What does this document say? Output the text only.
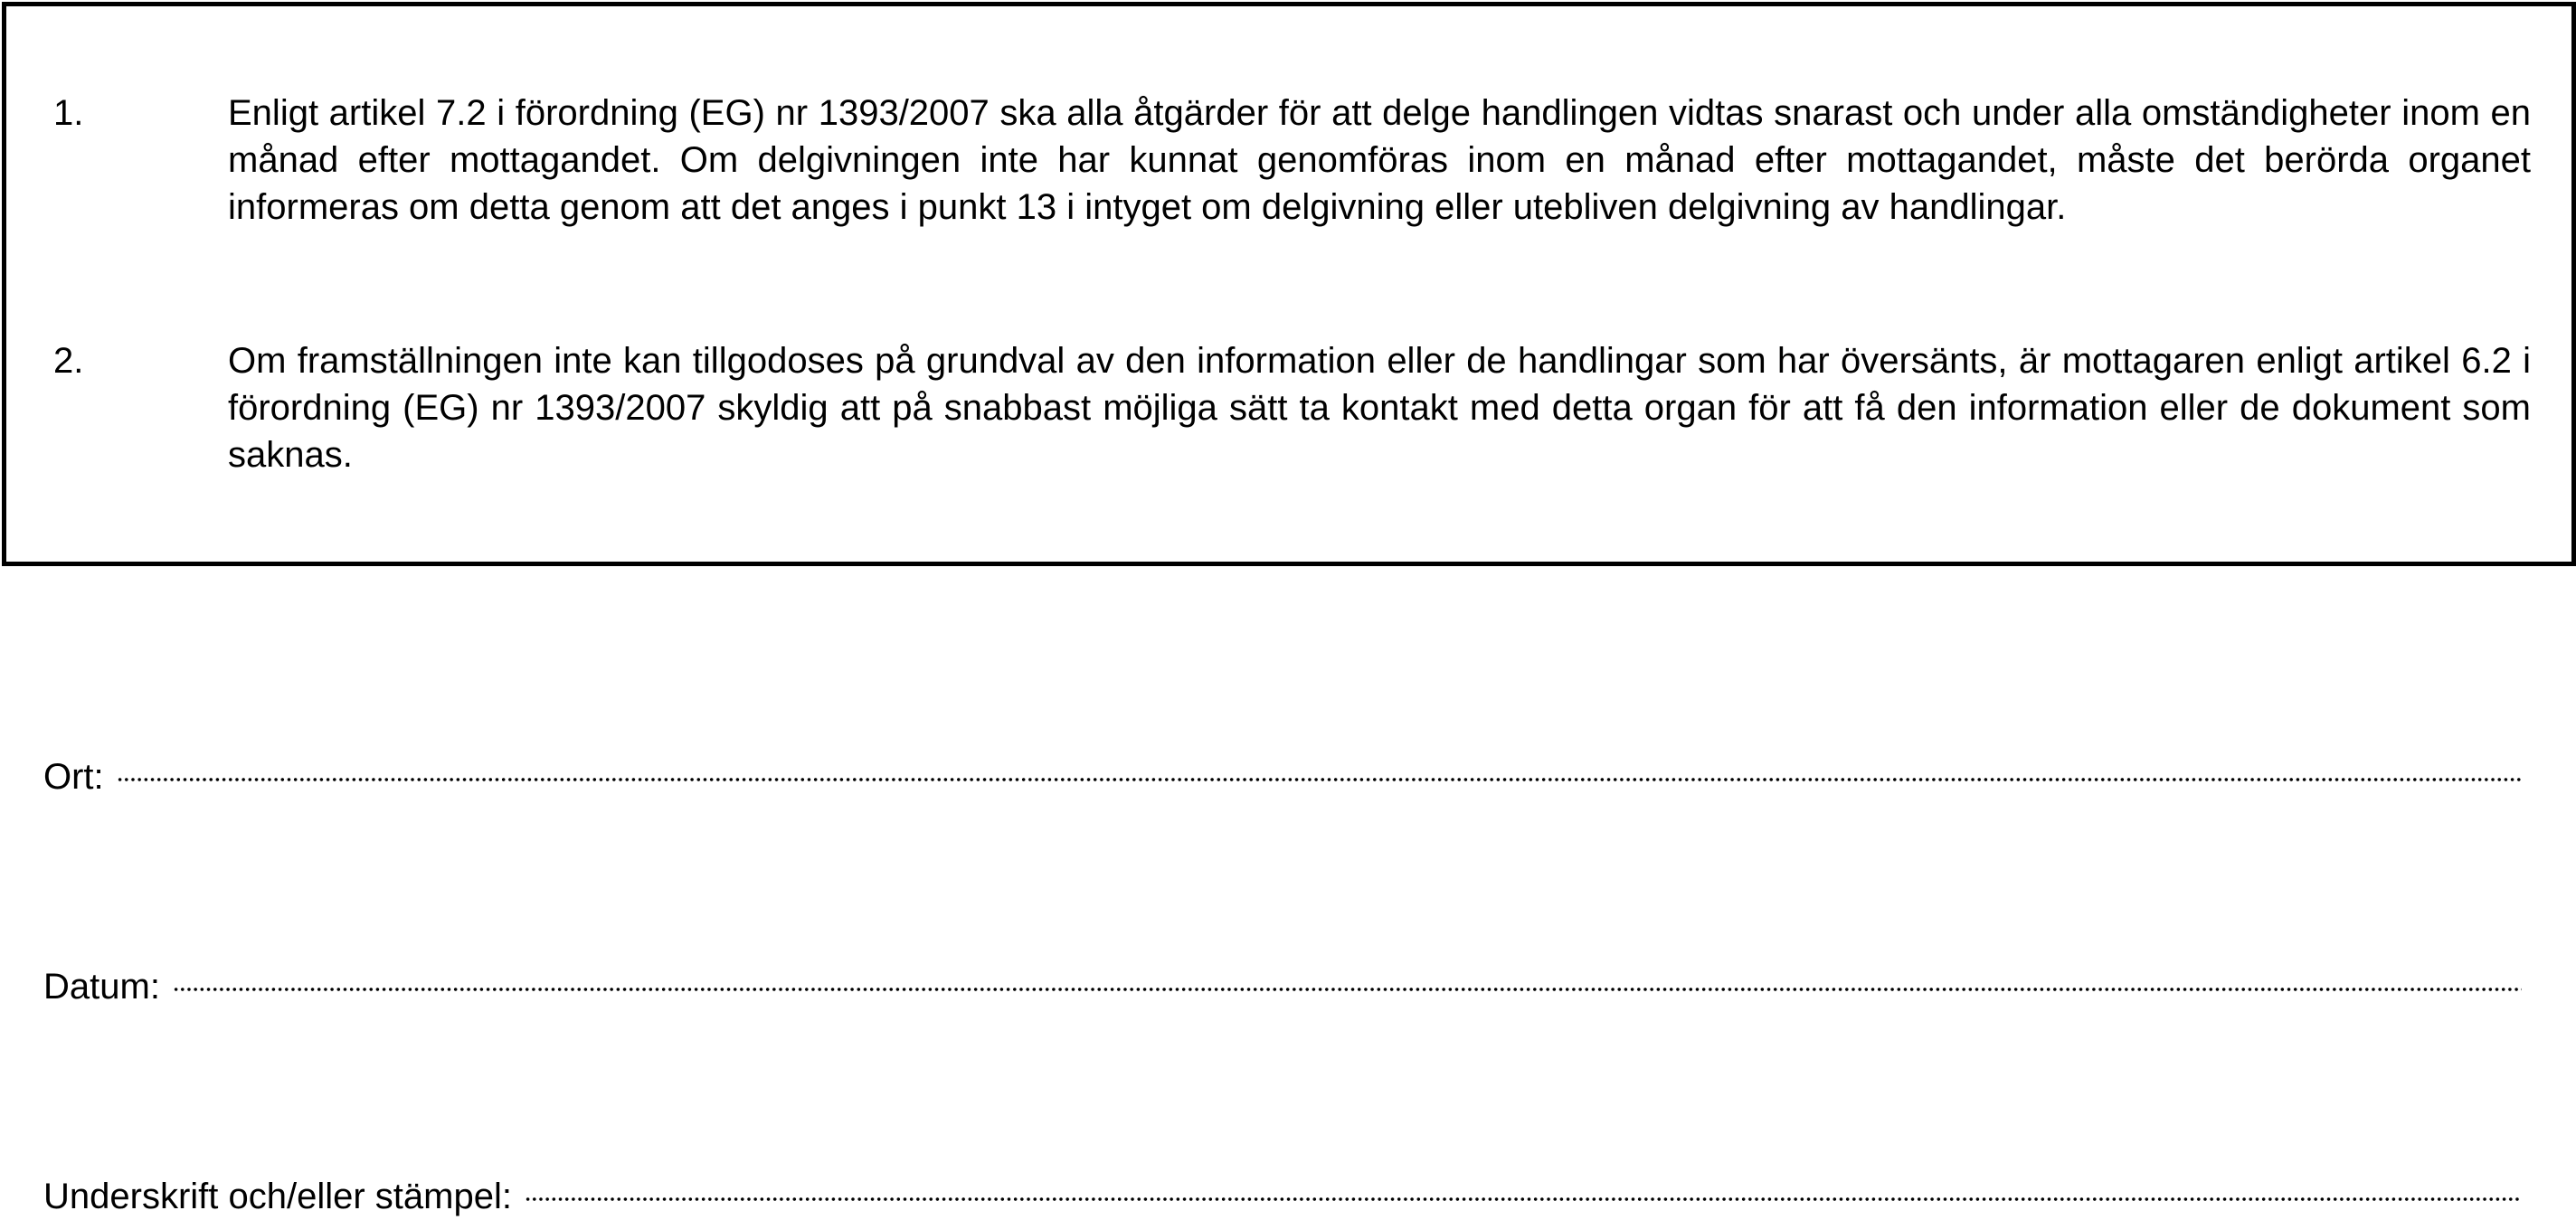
1.	Enligt artikel 7.2 i förordning (EG) nr 1393/2007 ska alla åtgärder för att delge handlingen vidtas snarast och under alla omständigheter inom en månad efter mottagandet. Om delgivningen inte har kunnat genomföras inom en månad efter mottagandet, måste det berörda organet informeras om detta genom att det anges i punkt 13 i intyget om delgivning eller utebliven delgivning av handlingar.
2.	Om framställningen inte kan tillgodoses på grundval av den information eller de handlingar som har översänts, är mottagaren enligt artikel 6.2 i förordning (EG) nr 1393/2007 skyldig att på snabbast möjliga sätt ta kontakt med detta organ för att få den information eller de dokument som saknas.
Ort:
Datum:
Underskrift och/eller stämpel:
